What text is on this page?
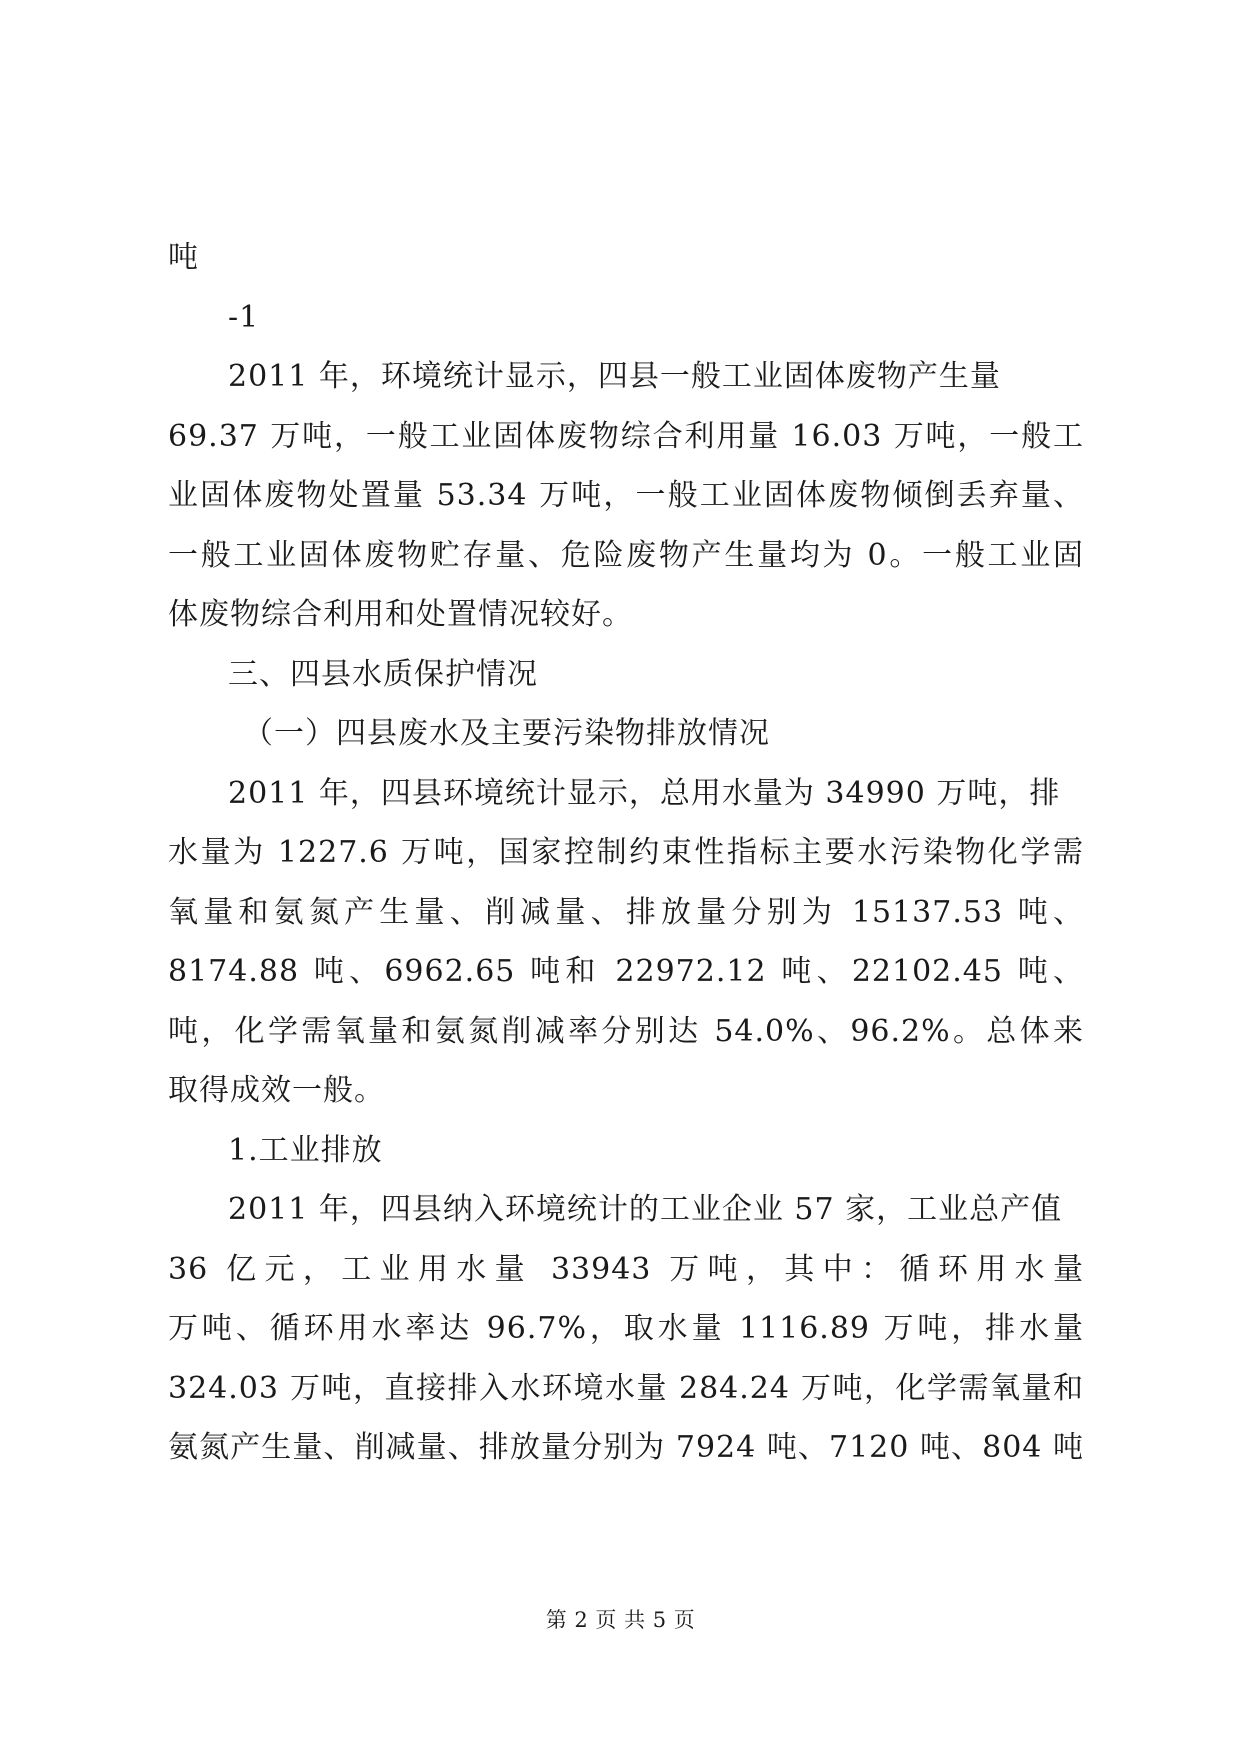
吨
-1
2011 年，环境统计显示，四县一般工业固体废物产生量
69.37 万吨，一般工业固体废物综合利用量 16.03 万吨，一般工
业固体废物处置量 53.34 万吨，一般工业固体废物倾倒丢弃量、
一般工业固体废物贮存量、危险废物产生量均为 0。一般工业固
体废物综合利用和处置情况较好。
三、四县水质保护情况
（一）四县废水及主要污染物排放情况
2011 年，四县环境统计显示，总用水量为 34990 万吨，排
水量为 1227.6 万吨，国家控制约束性指标主要水污染物化学需
氧量和氨氮产生量、削减量、排放量分别为 15137.53 吨、
8174.88 吨、6962.65 吨和 22972.12 吨、22102.45 吨、
吨，化学需氧量和氨氮削减率分别达 54.0%、96.2%。总体来
取得成效一般。
1.工业排放
2011 年，四县纳入环境统计的工业企业 57 家，工业总产值
36 亿元，工业用水量 33943 万吨，其中：循环用水量
万吨、循环用水率达 96.7%，取水量 1116.89 万吨，排水量
324.03 万吨，直接排入水环境水量 284.24 万吨，化学需氧量和
氨氮产生量、削减量、排放量分别为 7924 吨、7120 吨、804 吨
第 2 页 共 5 页
